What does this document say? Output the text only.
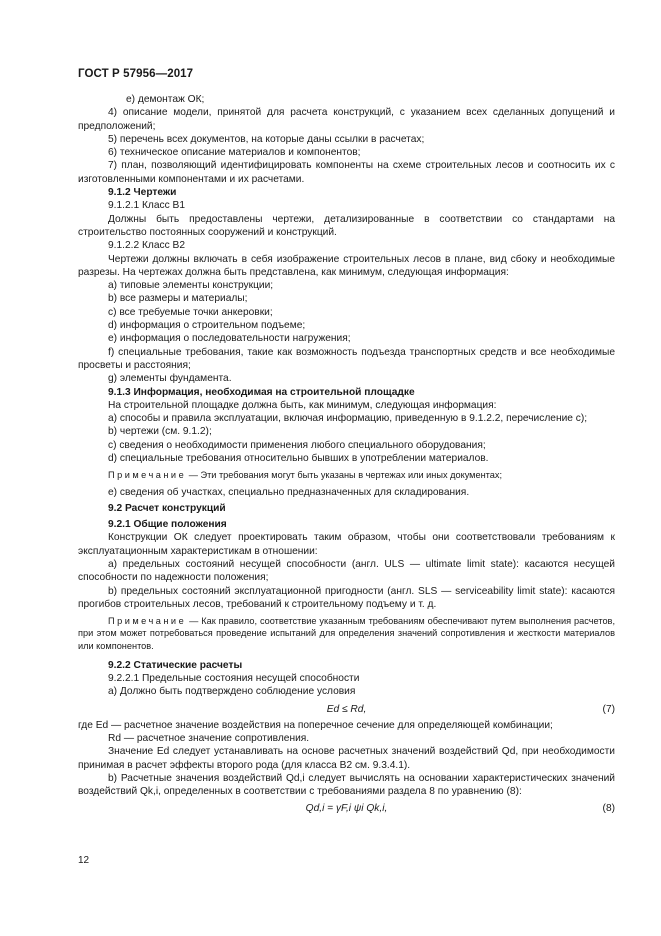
ГОСТ Р 57956—2017

е) демонтаж ОК;

4) описание модели, принятой для расчета конструкций, с указанием всех сделанных допущений и предположений;

5) перечень всех документов, на которые даны ссылки в расчетах;

6) техническое описание материалов и компонентов;

7) план, позволяющий идентифицировать компоненты на схеме строительных лесов и соотносить их с изготовленными компонентами и их расчетами.

9.1.2 Чертежи

9.1.2.1 Класс В1

Должны быть предоставлены чертежи, детализированные в соответствии со стандартами на строительство постоянных сооружений и конструкций.

9.1.2.2 Класс В2

Чертежи должны включать в себя изображение строительных лесов в плане, вид сбоку и необходимые разрезы. На чертежах должна быть представлена, как минимум, следующая информация:

a) типовые элементы конструкции;

b) все размеры и материалы;

c) все требуемые точки анкеровки;

d) информация о строительном подъеме;

e) информация о последовательности нагружения;

f) специальные требования, такие как возможность подъезда транспортных средств и все необходимые просветы и расстояния;

g) элементы фундамента.

9.1.3 Информация, необходимая на строительной площадке

На строительной площадке должна быть, как минимум, следующая информация:

a) способы и правила эксплуатации, включая информацию, приведенную в 9.1.2.2, перечисление с);

b) чертежи (см. 9.1.2);

c) сведения о необходимости применения любого специального оборудования;

d) специальные требования относительно бывших в употреблении материалов.

Примечание — Эти требования могут быть указаны в чертежах или иных документах;

e) сведения об участках, специально предназначенных для складирования.

9.2 Расчет конструкций

9.2.1 Общие положения

Конструкции ОК следует проектировать таким образом, чтобы они соответствовали требованиям к эксплуатационным характеристикам в отношении:

a) предельных состояний несущей способности (англ. ULS — ultimate limit state): касаются несущей способности по надежности положения;

b) предельных состояний эксплуатационной пригодности (англ. SLS — serviceability limit state): касаются прогибов строительных лесов, требований к строительному подъему и т. д.

Примечание — Как правило, соответствие указанным требованиям обеспечивают путем выполнения расчетов, при этом может потребоваться проведение испытаний для определения значений сопротивления и жесткости материалов или компонентов.

9.2.2 Статические расчеты

9.2.2.1 Предельные состояния несущей способности

a) Должно быть подтверждено соблюдение условия

Ed ≤ Rd,	(7)

где Ed — расчетное значение воздействия на поперечное сечение для определяющей комбинации;

Rd — расчетное значение сопротивления.

Значение Ed следует устанавливать на основе расчетных значений воздействий Qd, при необходимости принимая в расчет эффекты второго рода (для класса В2 см. 9.3.4.1).

b) Расчетные значения воздействий Qd,i следует вычислять на основании характеристических значений воздействий Qk,i, определенных в соответствии с требованиями раздела 8 по уравнению (8):

Qd,i = γF,i ψi Qk,i,	(8)
12
